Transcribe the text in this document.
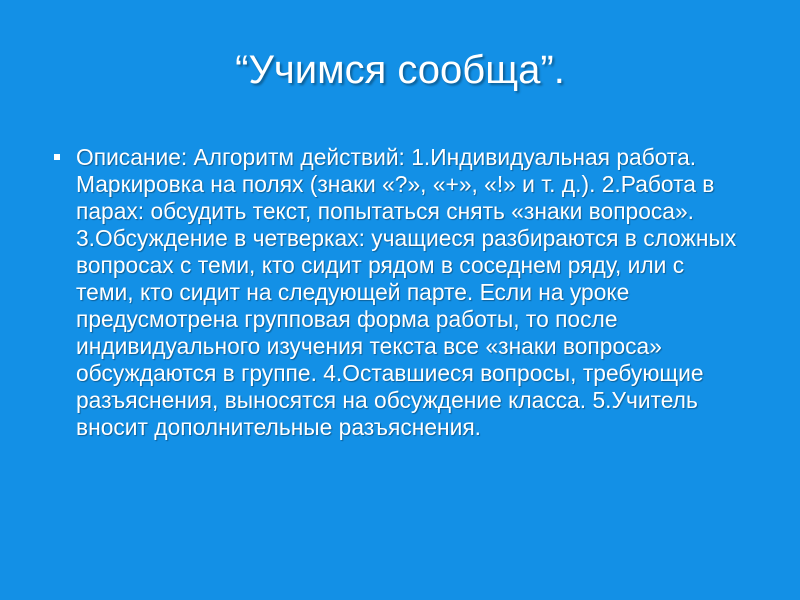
“Учимся сообща”.
Описание: Алгоритм действий: 1.Индивидуальная работа. Маркировка на полях (знаки «?», «+», «!» и т. д.). 2.Работа в парах: обсудить текст, попытаться снять «знаки вопроса». 3.Обсуждение в четверках: учащиеся разбираются в сложных вопросах с теми, кто сидит рядом в соседнем ряду, или с теми, кто сидит на следующей парте. Если на уроке предусмотрена групповая форма работы, то после индивидуального изучения текста все «знаки вопроса» обсуждаются в группе. 4.Оставшиеся вопросы, требующие разъяснения, выносятся на обсуждение класса. 5.Учитель вносит дополнительные разъяснения.
